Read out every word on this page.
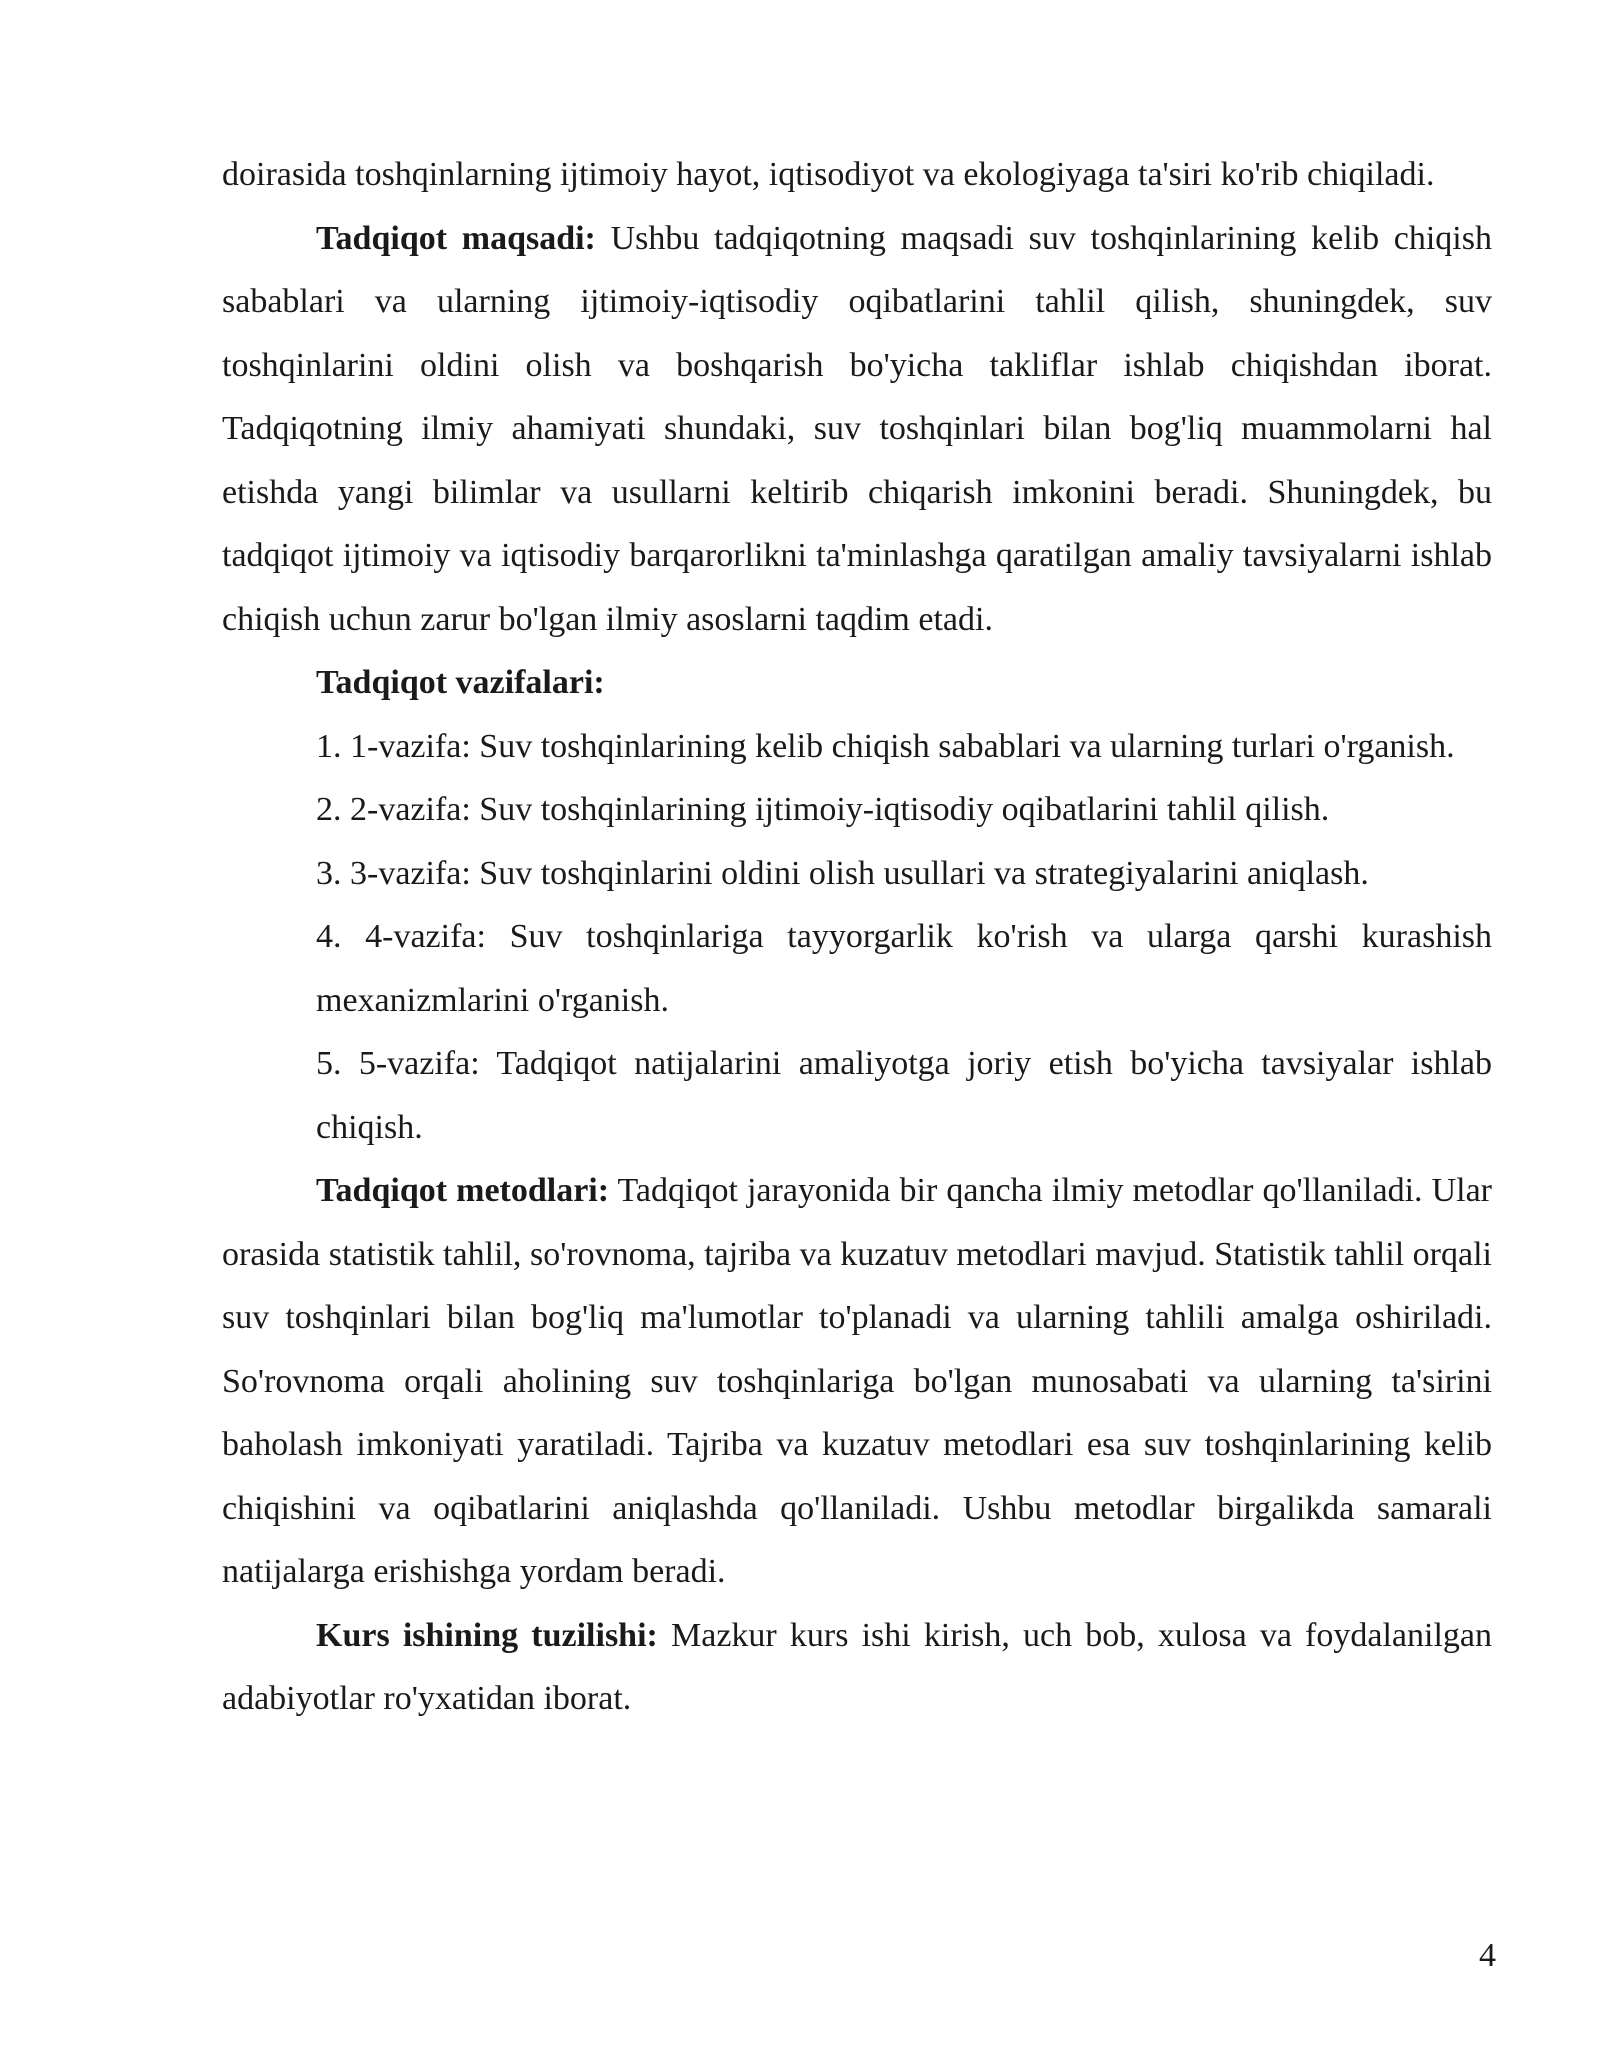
doirasida toshqinlarning ijtimoiy hayot, iqtisodiyot va ekologiyaga ta'siri ko'rib chiqiladi.

Tadqiqot maqsadi: Ushbu tadqiqotning maqsadi suv toshqinlarining kelib chiqish sabablari va ularning ijtimoiy-iqtisodiy oqibatlarini tahlil qilish, shuningdek, suv toshqinlarini oldini olish va boshqarish bo'yicha takliflar ishlab chiqishdan iborat. Tadqiqotning ilmiy ahamiyati shundaki, suv toshqinlari bilan bog'liq muammolarni hal etishda yangi bilimlar va usullarni keltirib chiqarish imkonini beradi. Shuningdek, bu tadqiqot ijtimoiy va iqtisodiy barqarorlikni ta'minlashga qaratilgan amaliy tavsiyalarni ishlab chiqish uchun zarur bo'lgan ilmiy asoslarni taqdim etadi.

Tadqiqot vazifalari:

1. 1-vazifa: Suv toshqinlarining kelib chiqish sabablari va ularning turlari o'rganish.

2. 2-vazifa: Suv toshqinlarining ijtimoiy-iqtisodiy oqibatlarini tahlil qilish.

3. 3-vazifa: Suv toshqinlarini oldini olish usullari va strategiyalarini aniqlash.

4. 4-vazifa: Suv toshqinlariga tayyorgarlik ko'rish va ularga qarshi kurashish mexanizmlarini o'rganish.

5. 5-vazifa: Tadqiqot natijalarini amaliyotga joriy etish bo'yicha tavsiyalar ishlab chiqish.

Tadqiqot metodlari: Tadqiqot jarayonida bir qancha ilmiy metodlar qo'llaniladi. Ular orasida statistik tahlil, so'rovnoma, tajriba va kuzatuv metodlari mavjud. Statistik tahlil orqali suv toshqinlari bilan bog'liq ma'lumotlar to'planadi va ularning tahlili amalga oshiriladi. So'rovnoma orqali aholining suv toshqinlariga bo'lgan munosabati va ularning ta'sirini baholash imkoniyati yaratiladi. Tajriba va kuzatuv metodlari esa suv toshqinlarining kelib chiqishini va oqibatlarini aniqlashda qo'llaniladi. Ushbu metodlar birgalikda samarali natijalarga erishishga yordam beradi.

Kurs ishining tuzilishi: Mazkur kurs ishi kirish, uch bob, xulosa va foydalanilgan adabiyotlar ro'yxatidan iborat.

4
